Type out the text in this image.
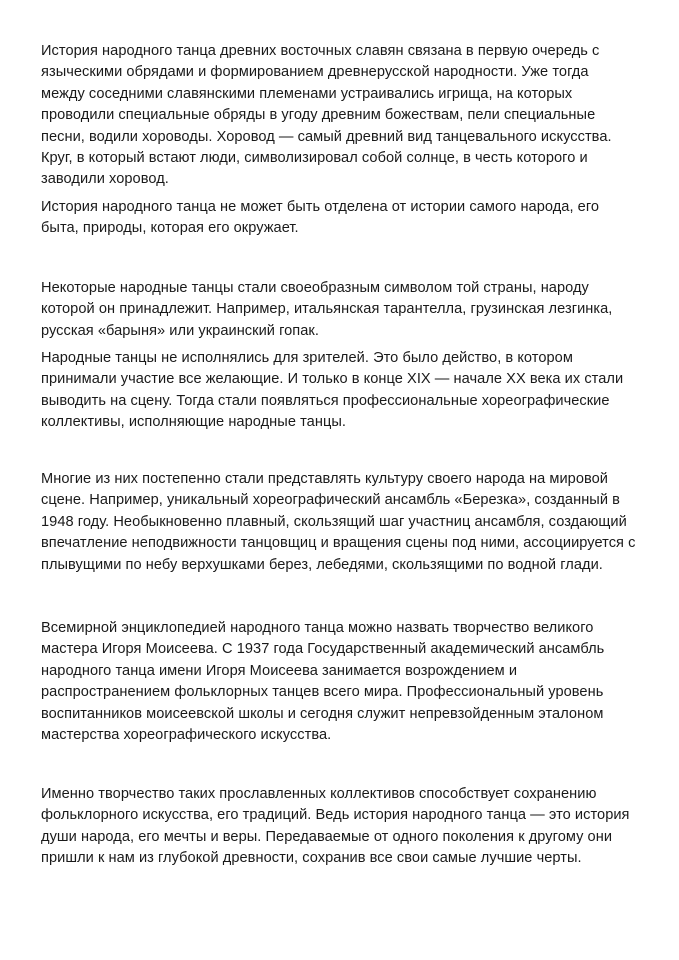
История народного танца древних восточных славян связана в первую очередь с
языческими обрядами и формированием древнерусской народности. Уже тогда
между соседними славянскими племенами устраивались игрища, на которых
проводили специальные обряды в угоду древним божествам, пели специальные
песни, водили хороводы. Хоровод — самый древний вид танцевального искусства.
Круг, в который встают люди, символизировал собой солнце, в честь которого и
заводили хоровод.

История народного танца не может быть отделена от истории самого народа, его
быта, природы, которая его окружает.

Некоторые народные танцы стали своеобразным символом той страны, народу
которой он принадлежит. Например, итальянская тарантелла, грузинская лезгинка,
русская «барыня» или украинский гопак.

Народные танцы не исполнялись для зрителей. Это было действо, в котором
принимали участие все желающие. И только в конце XIX — начале XX века их стали
выводить на сцену. Тогда стали появляться профессиональные хореографические
коллективы, исполняющие народные танцы.

Многие из них постепенно стали представлять культуру своего народа на мировой
сцене. Например, уникальный хореографический ансамбль «Березка», созданный в
1948 году. Необыкновенно плавный, скользящий шаг участниц ансамбля, создающий
впечатление неподвижности танцовщиц и вращения сцены под ними, ассоциируется с
плывущими по небу верхушками берез, лебедями, скользящими по водной глади.

Всемирной энциклопедией народного танца можно назвать творчество великого
мастера Игоря Моисеева. С 1937 года Государственный академический ансамбль
народного танца имени Игоря Моисеева занимается возрождением и
распространением фольклорных танцев всего мира. Профессиональный уровень
воспитанников моисеевской школы и сегодня служит непревзойденным эталоном
мастерства хореографического искусства.

Именно творчество таких прославленных коллективов способствует сохранению
фольклорного искусства, его традиций. Ведь история народного танца — это история
души народа, его мечты и веры. Передаваемые от одного поколения к другому они
пришли к нам из глубокой древности, сохранив все свои самые лучшие черты.
